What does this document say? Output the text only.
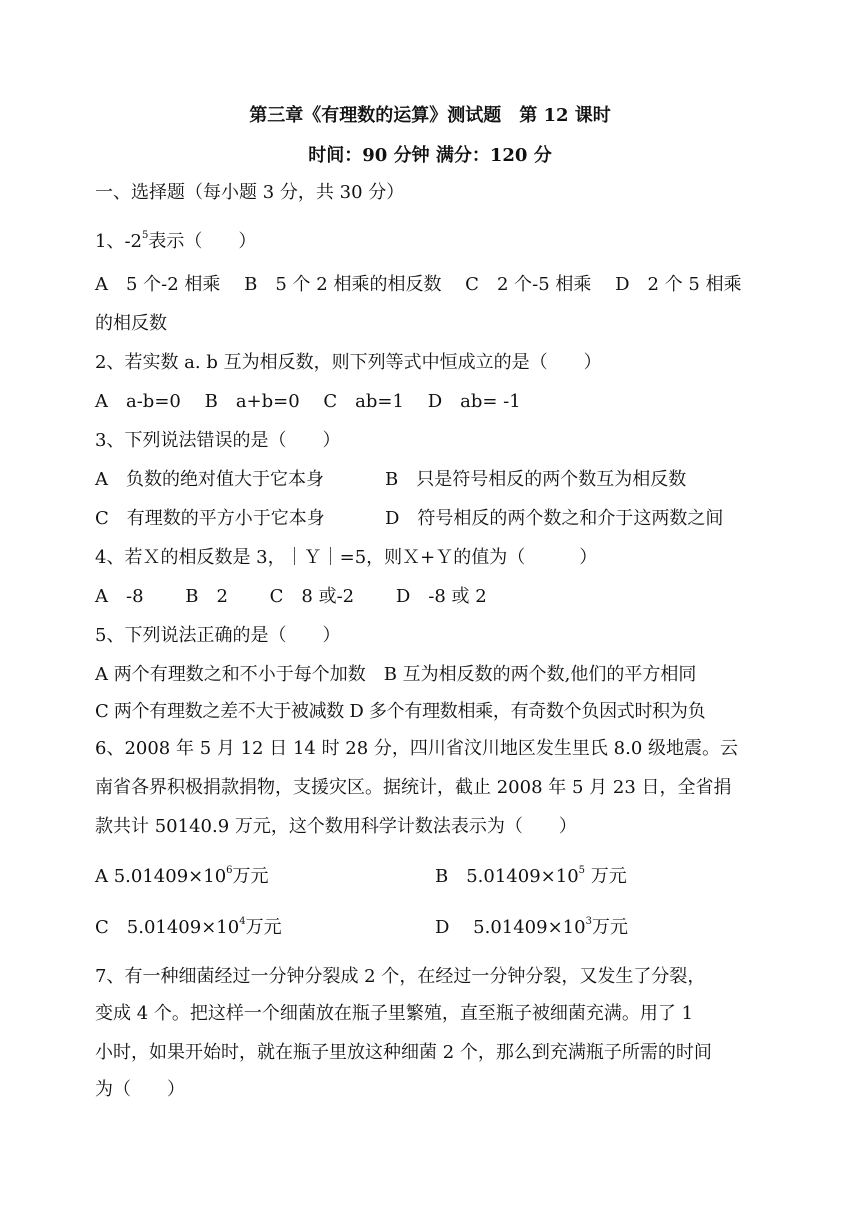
第三章《有理数的运算》测试题 第 12 课时
时间：90 分钟 满分：120 分
一、选择题（每小题 3 分，共 30 分）
1、$-2^5$表示（　　）
A　5 个-2 相乘　 B　5 个 2 相乘的相反数　 C　2 个-5 相乘　 D　2 个 5 相乘
的相反数
2、若实数 a. b 互为相反数，则下列等式中恒成立的是（　　）
A　a-b=0　 B　a+b=0　 C　ab=1　 D　ab= -1
3、下列说法错误的是（　　）
A　负数的绝对值大于它本身	B　只是符号相反的两个数互为相反数
C　有理数的平方小于它本身	D　符号相反的两个数之和介于这两数之间
4、若Ｘ的相反数是 3，｜Ｙ｜=5，则Ｘ+Ｙ的值为（　　　）
A　-8　　 B　2　　 C　8 或-2　　 D　-8 或 2
5、下列说法正确的是（　　）
A 两个有理数之和不小于每个加数　B 互为相反数的两个数,他们的平方相同
C 两个有理数之差不大于被减数 D 多个有理数相乘，有奇数个负因式时积为负
6、2008 年 5 月 12 日 14 时 28 分，四川省汶川地区发生里氏 8.0 级地震。云
南省各界积极捐款捐物，支援灾区。据统计，截止 2008 年 5 月 23 日，全省捐
款共计 50140.9 万元，这个数用科学计数法表示为（　　）
A $5.01409\times 10^6$万元	B　$5.01409\times 10^5$ 万元
C　$5.01409\times 10^4$万元	D　 $5.01409\times 10^3$万元
7、有一种细菌经过一分钟分裂成 2 个，在经过一分钟分裂，又发生了分裂，
变成 4 个。把这样一个细菌放在瓶子里繁殖，直至瓶子被细菌充满。用了 1
小时，如果开始时，就在瓶子里放这种细菌 2 个，那么到充满瓶子所需的时间
为（　　）
